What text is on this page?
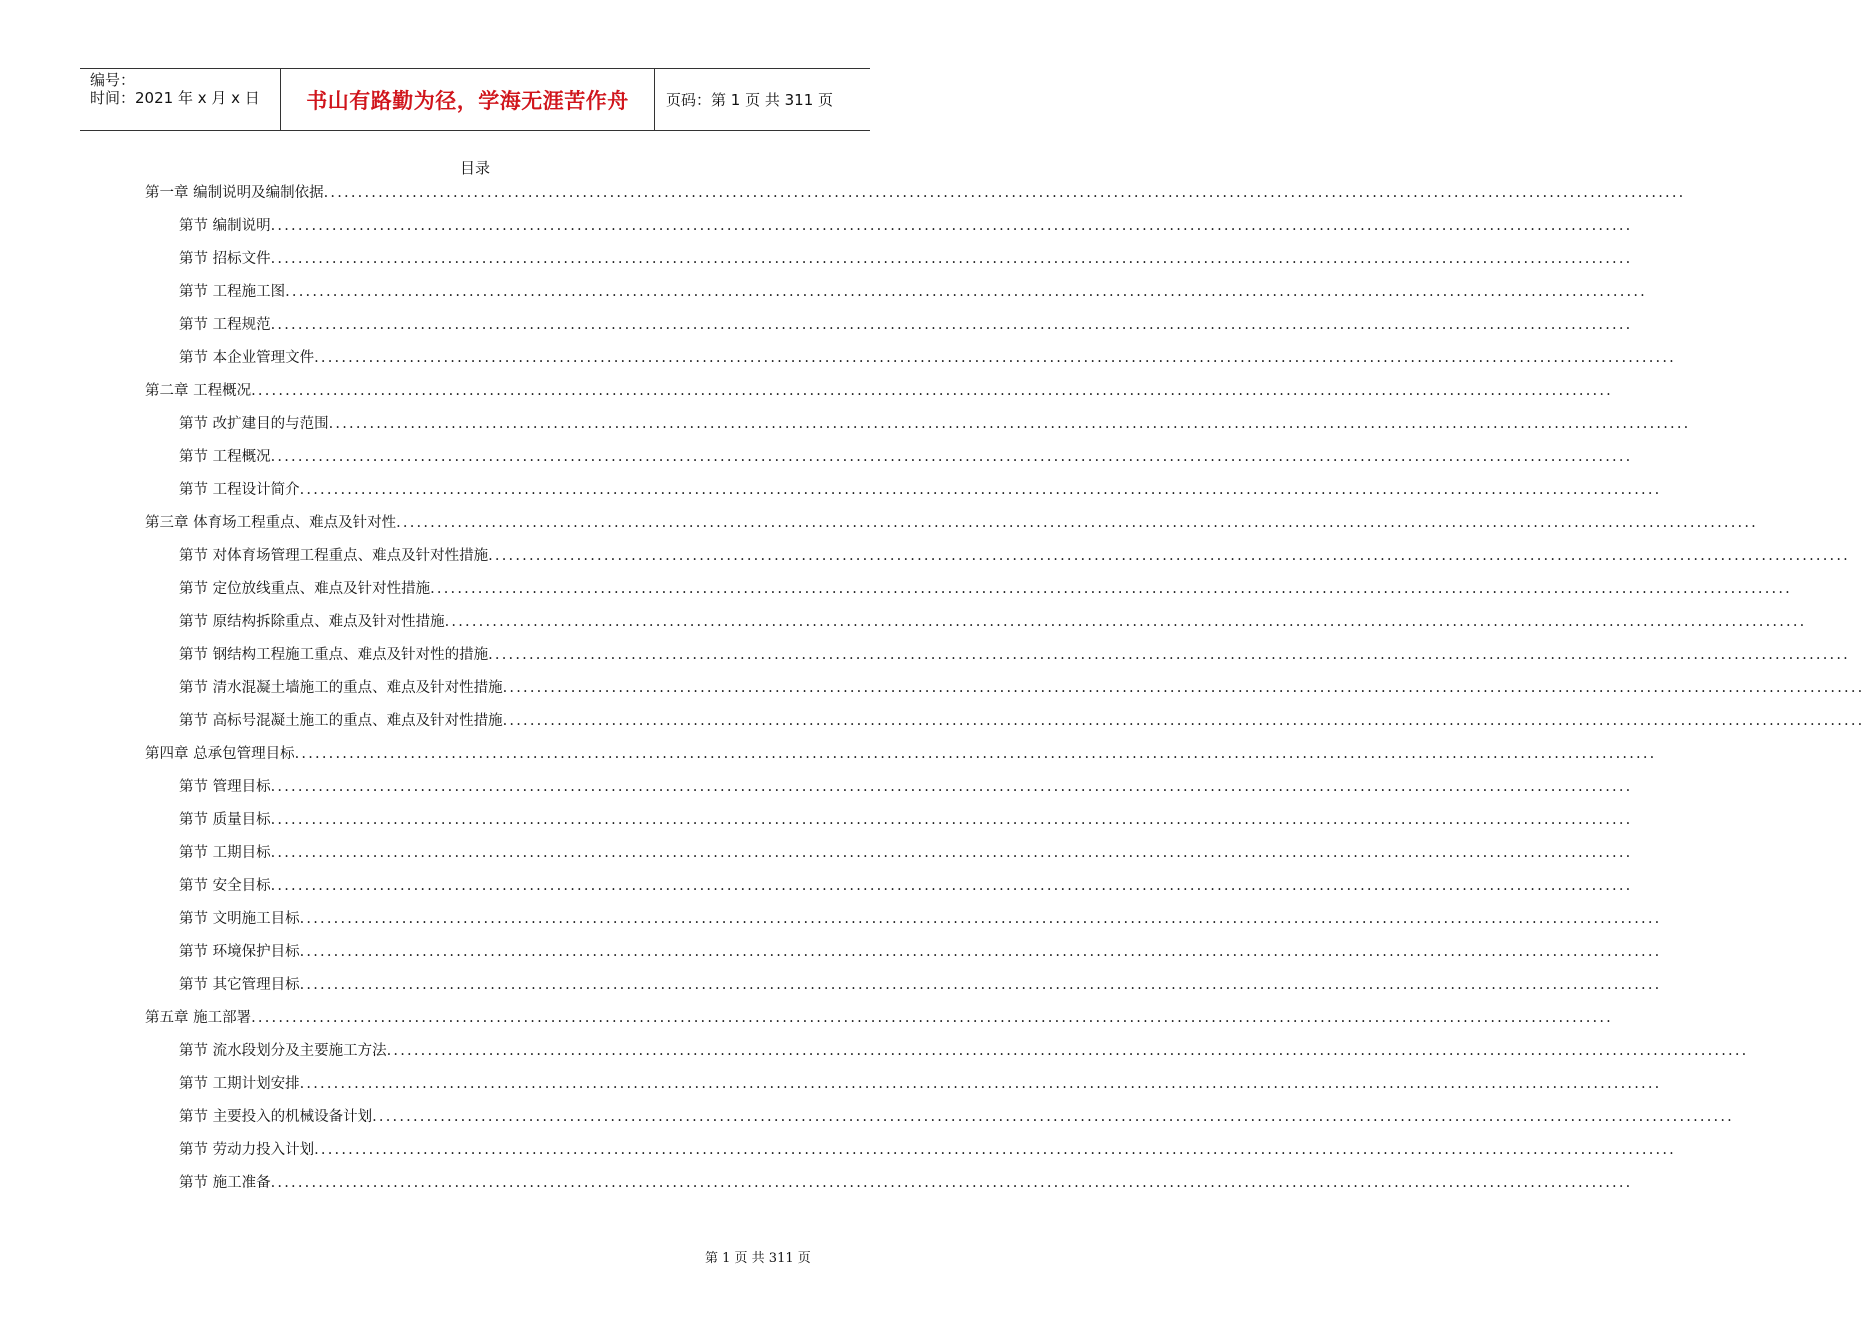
编号：
时间：2021 年 x 月 x 日	书山有路勤为径，学海无涯苦作舟 页码：第 1 页 共 311 页
目录
第一章 编制说明及编制依据 ........................................................................................................................................................................................................
第节 编制说明 ........................................................................................................................................................................................................
第节 招标文件 ........................................................................................................................................................................................................
第节 工程施工图 ........................................................................................................................................................................................................
第节 工程规范 ........................................................................................................................................................................................................
第节 本企业管理文件 ........................................................................................................................................................................................................
第二章 工程概况 ........................................................................................................................................................................................................
第节 改扩建目的与范围 ........................................................................................................................................................................................................
第节 工程概况 ........................................................................................................................................................................................................
第节 工程设计简介 ........................................................................................................................................................................................................
第三章 体育场工程重点、难点及针对性 ........................................................................................................................................................................................................
第节 对体育场管理工程重点、难点及针对性措施 ........................................................................................................................................................................................................
第节 定位放线重点、难点及针对性措施 ........................................................................................................................................................................................................
第节 原结构拆除重点、难点及针对性措施 ........................................................................................................................................................................................................
第节 钢结构工程施工重点、难点及针对性的措施 ........................................................................................................................................................................................................
第节 清水混凝土墙施工的重点、难点及针对性措施 ........................................................................................................................................................................................................
第节 高标号混凝土施工的重点、难点及针对性措施 ........................................................................................................................................................................................................
第四章 总承包管理目标 ........................................................................................................................................................................................................
第节 管理目标 ........................................................................................................................................................................................................
第节 质量目标 ........................................................................................................................................................................................................
第节 工期目标 ........................................................................................................................................................................................................
第节 安全目标 ........................................................................................................................................................................................................
第节 文明施工目标 ........................................................................................................................................................................................................
第节 环境保护目标 ........................................................................................................................................................................................................
第节 其它管理目标 ........................................................................................................................................................................................................
第五章 施工部署 ........................................................................................................................................................................................................
第节 流水段划分及主要施工方法 ........................................................................................................................................................................................................
第节 工期计划安排 ........................................................................................................................................................................................................
第节 主要投入的机械设备计划 ........................................................................................................................................................................................................
第节 劳动力投入计划 ........................................................................................................................................................................................................
第节 施工准备 ........................................................................................................................................................................................................
第 1 页 共 311 页
